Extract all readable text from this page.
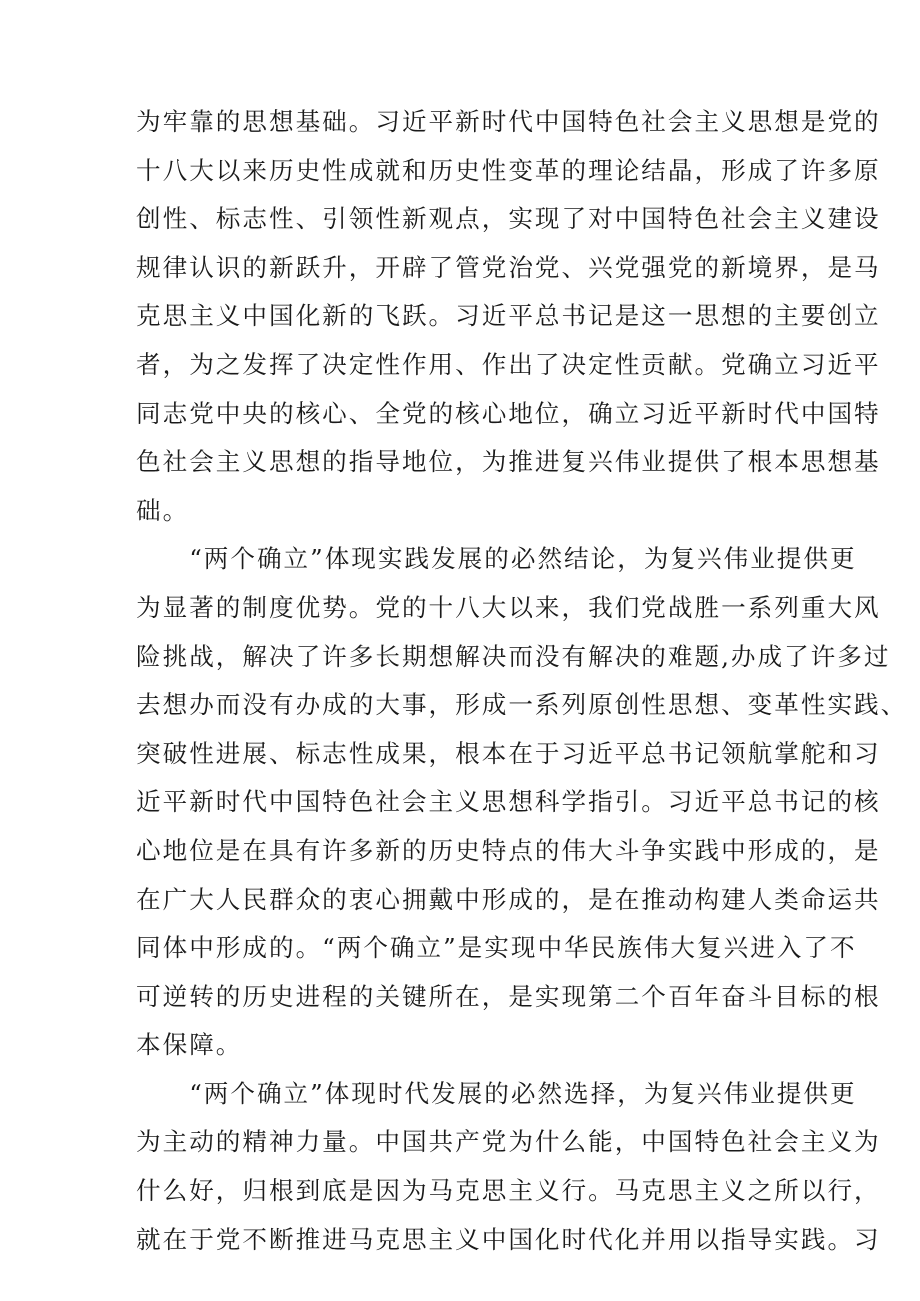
为牢靠的思想基础。习近平新时代中国特色社会主义思想是党的
十八大以来历史性成就和历史性变革的理论结晶，形成了许多原
创性、标志性、引领性新观点，实现了对中国特色社会主义建设
规律认识的新跃升，开辟了管党治党、兴党强党的新境界，是马
克思主义中国化新的飞跃。习近平总书记是这一思想的主要创立
者，为之发挥了决定性作用、作出了决定性贡献。党确立习近平
同志党中央的核心、全党的核心地位，确立习近平新时代中国特
色社会主义思想的指导地位，为推进复兴伟业提供了根本思想基
础。
　　“两个确立”体现实践发展的必然结论，为复兴伟业提供更
为显著的制度优势。党的十八大以来，我们党战胜一系列重大风
险挑战，解决了许多长期想解决而没有解决的难题,办成了许多过
去想办而没有办成的大事，形成一系列原创性思想、变革性实践、
突破性进展、标志性成果，根本在于习近平总书记领航掌舵和习
近平新时代中国特色社会主义思想科学指引。习近平总书记的核
心地位是在具有许多新的历史特点的伟大斗争实践中形成的，是
在广大人民群众的衷心拥戴中形成的，是在推动构建人类命运共
同体中形成的。“两个确立”是实现中华民族伟大复兴进入了不
可逆转的历史进程的关键所在，是实现第二个百年奋斗目标的根
本保障。
　　“两个确立”体现时代发展的必然选择，为复兴伟业提供更
为主动的精神力量。中国共产党为什么能，中国特色社会主义为
什么好，归根到底是因为马克思主义行。马克思主义之所以行，
就在于党不断推进马克思主义中国化时代化并用以指导实践。习
